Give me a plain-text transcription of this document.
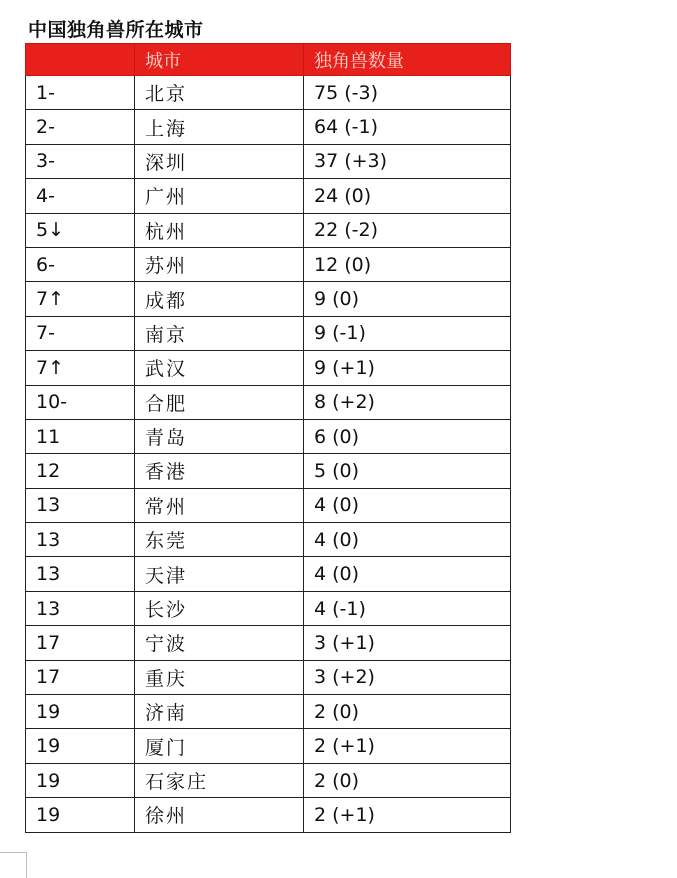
中国独角兽所在城市
	城市	独角兽数量
1-	北京	75 (-3)
2-	上海	64 (-1)
3-	深圳	37 (+3)
4-	广州	24 (0)
5↓	杭州	22 (-2)
6-	苏州	12 (0)
7↑	成都	9 (0)
7-	南京	9 (-1)
7↑	武汉	9 (+1)
10-	合肥	8 (+2)
11	青岛	6 (0)
12	香港	5 (0)
13	常州	4 (0)
13	东莞	4 (0)
13	天津	4 (0)
13	长沙	4 (-1)
17	宁波	3 (+1)
17	重庆	3 (+2)
19	济南	2 (0)
19	厦门	2 (+1)
19	石家庄	2 (0)
19	徐州	2 (+1)
